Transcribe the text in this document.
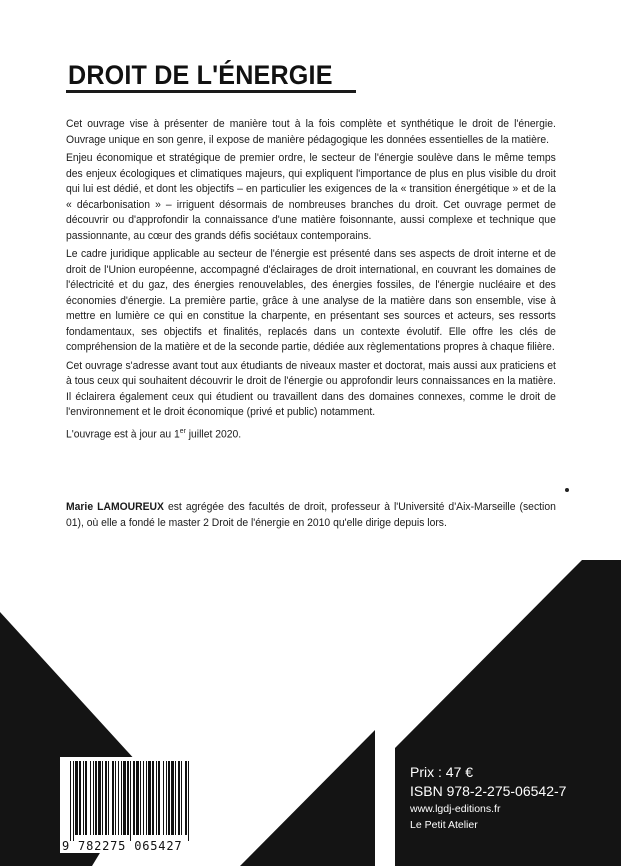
DROIT DE L'ÉNERGIE

Cet ouvrage vise à présenter de manière tout à la fois complète et synthétique le droit de l'énergie. Ouvrage unique en son genre, il expose de manière pédagogique les données essentielles de la matière.

Enjeu économique et stratégique de premier ordre, le secteur de l'énergie soulève dans le même temps des enjeux écologiques et climatiques majeurs, qui expliquent l'importance de plus en plus visible du droit qui lui est dédié, et dont les objectifs – en particulier les exigences de la « transition énergétique » et de la « décarbonisation » – irriguent désormais de nombreuses branches du droit. Cet ouvrage permet de découvrir ou d'approfondir la connaissance d'une matière foisonnante, aussi complexe et technique que passionnante, au cœur des grands défis sociétaux contemporains.

Le cadre juridique applicable au secteur de l'énergie est présenté dans ses aspects de droit interne et de droit de l'Union européenne, accompagné d'éclairages de droit international, en couvrant les domaines de l'électricité et du gaz, des énergies renouvelables, des énergies fossiles, de l'énergie nucléaire et des économies d'énergie. La première partie, grâce à une analyse de la matière dans son ensemble, vise à mettre en lumière ce qui en constitue la charpente, en présentant ses sources et acteurs, ses ressorts fondamentaux, ses objectifs et finalités, replacés dans un contexte évolutif. Elle offre les clés de compréhension de la matière et de la seconde partie, dédiée aux règlementations propres à chaque filière.

Cet ouvrage s'adresse avant tout aux étudiants de niveaux master et doctorat, mais aussi aux praticiens et à tous ceux qui souhaitent découvrir le droit de l'énergie ou approfondir leurs connaissances en la matière. Il éclairera également ceux qui étudient ou travaillent dans des domaines connexes, comme le droit de l'environnement et le droit économique (privé et public) notamment.

L'ouvrage est à jour au 1er juillet 2020.

Marie LAMOUREUX est agrégée des facultés de droit, professeur à l'Université d'Aix-Marseille (section 01), où elle a fondé le master 2 Droit de l'énergie en 2010 qu'elle dirige depuis lors.
9 782275 065427
Prix : 47 €
ISBN 978-2-275-06542-7
www.lgdj-editions.fr
Le Petit Atelier
